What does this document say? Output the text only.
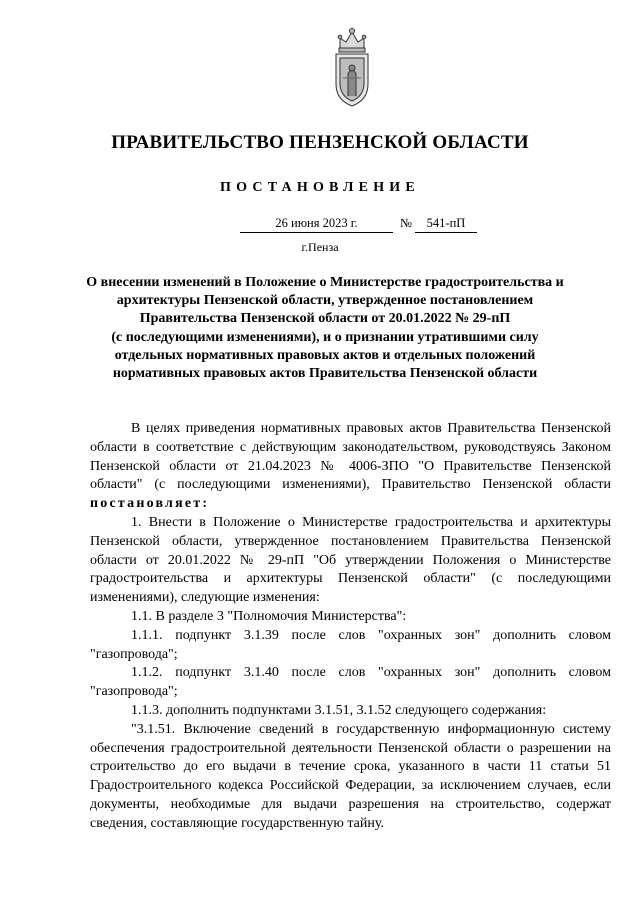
ПРАВИТЕЛЬСТВО ПЕНЗЕНСКОЙ ОБЛАСТИ
ПОСТАНОВЛЕНИЕ
26 июня 2023 г.	№	541-пП

г.Пенза

О внесении изменений в Положение о Министерстве градостроительства и
архитектуры Пензенской области, утвержденное постановлением
Правительства Пензенской области от 20.01.2022 № 29-пП
(с последующими изменениями), и о признании утратившими силу
отдельных нормативных правовых актов и отдельных положений
нормативных правовых актов Правительства Пензенской области

В целях приведения нормативных правовых актов Правительства Пензенской области в соответствие с действующим законодательством, руководствуясь Законом Пензенской области от 21.04.2023 № 4006-ЗПО "О Правительстве Пензенской области" (с последующими изменениями), Правительство Пензенской области постановляет:

1. Внести в Положение о Министерстве градостроительства и архитектуры Пензенской области, утвержденное постановлением Правительства Пензенской области от 20.01.2022 № 29-пП "Об утверждении Положения о Министерстве градостроительства и архитектуры Пензенской области" (с последующими изменениями), следующие изменения:

1.1. В разделе 3 "Полномочия Министерства":

1.1.1. подпункт 3.1.39 после слов "охранных зон" дополнить словом "газопровода";

1.1.2. подпункт 3.1.40 после слов "охранных зон" дополнить словом "газопровода";

1.1.3. дополнить подпунктами 3.1.51, 3.1.52 следующего содержания:

"3.1.51. Включение сведений в государственную информационную систему обеспечения градостроительной деятельности Пензенской области о разрешении на строительство до его выдачи в течение срока, указанного в части 11 статьи 51 Градостроительного кодекса Российской Федерации, за исключением случаев, если документы, необходимые для выдачи разрешения на строительство, содержат сведения, составляющие государственную тайну.
